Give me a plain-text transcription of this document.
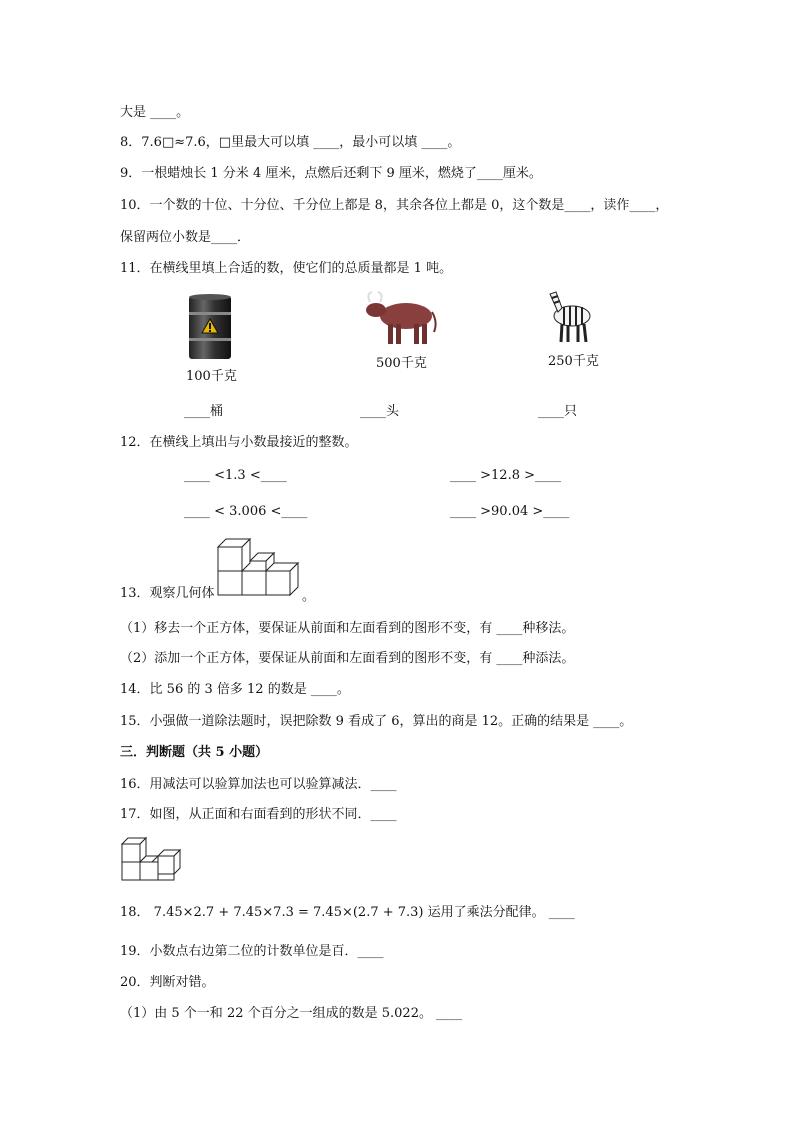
大是 ____。
8．7.6□≈7.6，□里最大可以填 ____，最小可以填 ____。
9．一根蜡烛长 1 分米 4 厘米，点燃后还剩下 9 厘米，燃烧了____厘米。
10．一个数的十位、十分位、千分位上都是 8，其余各位上都是 0，这个数是____，读作____，
保留两位小数是____．
11．在横线里填上合适的数，使它们的总质量都是 1 吨。
100千克
500千克	250千克
____桶	____头	____只
12．在横线上填出与小数最接近的整数。
____ <1.3 <____	____ >12.8 >____
____ < 3.006 <____	____ >90.04 >____
13．观察几何体	。
（1）移去一个正方体，要保证从前面和左面看到的图形不变，有 ____种移法。
（2）添加一个正方体，要保证从前面和左面看到的图形不变，有 ____种添法。
14．比 56 的 3 倍多 12 的数是 ____。
15．小强做一道除法题时，误把除数 9 看成了 6，算出的商是 12。正确的结果是 ____。
三．判断题（共 5 小题）
16．用减法可以验算加法也可以验算减法．____
17．如图，从正面和右面看到的形状不同．____
18． 7.45×2.7 + 7.45×7.3 = 7.45×(2.7 + 7.3) 运用了乘法分配律。 ____
19．小数点右边第二位的计数单位是百．____
20．判断对错。
（1）由 5 个一和 22 个百分之一组成的数是 5.022。 ____
